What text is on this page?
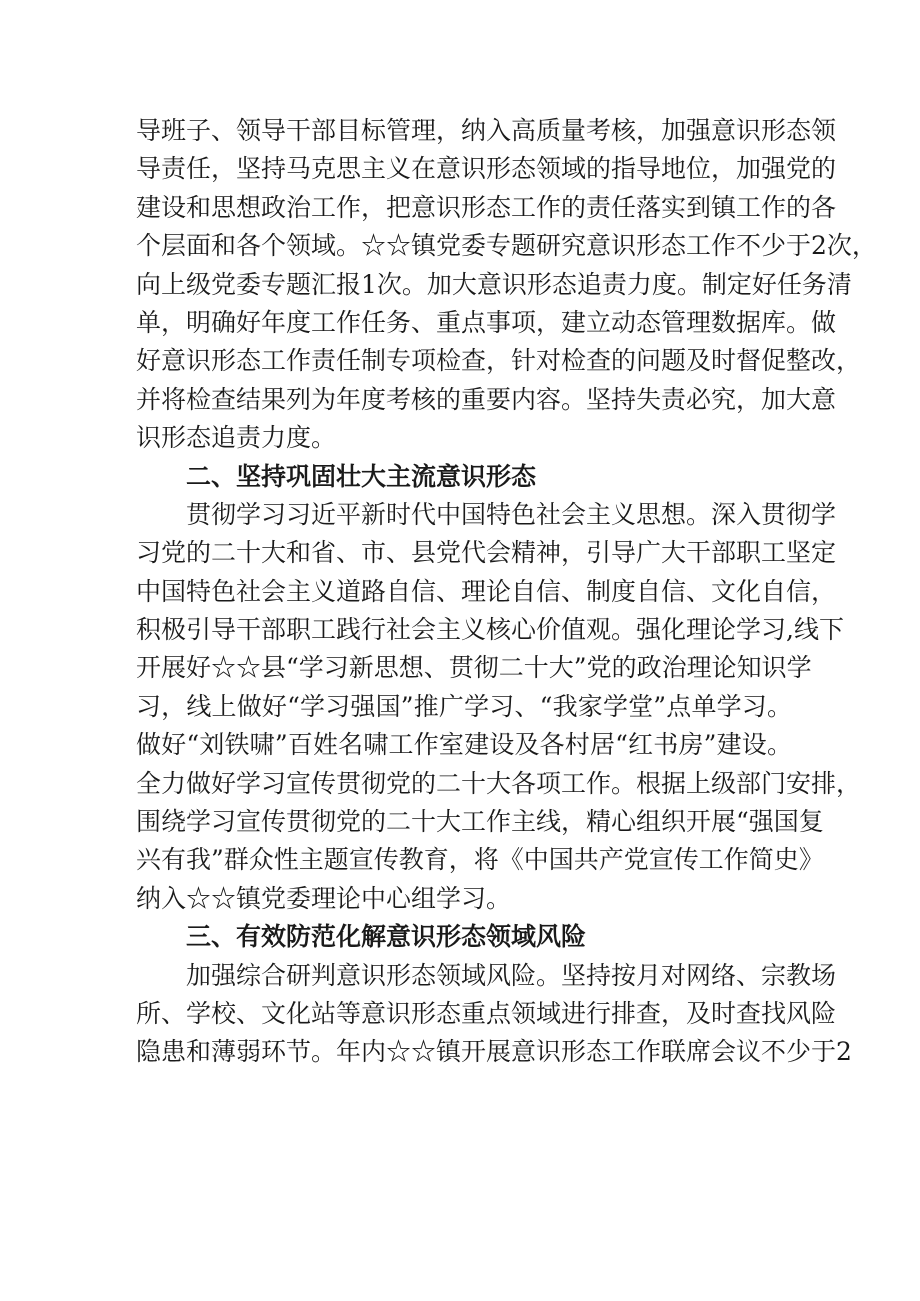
导班子、领导干部目标管理，纳入高质量考核，加强意识形态领
导责任，坚持马克思主义在意识形态领域的指导地位，加强党的
建设和思想政治工作，把意识形态工作的责任落实到镇工作的各
个层面和各个领域。☆☆镇党委专题研究意识形态工作不少于2次，
向上级党委专题汇报1次。加大意识形态追责力度。制定好任务清
单，明确好年度工作任务、重点事项，建立动态管理数据库。做
好意识形态工作责任制专项检查，针对检查的问题及时督促整改，
并将检查结果列为年度考核的重要内容。坚持失责必究，加大意
识形态追责力度。
二、坚持巩固壮大主流意识形态
贯彻学习习近平新时代中国特色社会主义思想。深入贯彻学
习党的二十大和省、市、县党代会精神，引导广大干部职工坚定
中国特色社会主义道路自信、理论自信、制度自信、文化自信，
积极引导干部职工践行社会主义核心价值观。强化理论学习,线下
开展好☆☆县“学习新思想、贯彻二十大”党的政治理论知识学
习，线上做好“学习强国”推广学习、“我家学堂”点单学习。
做好“刘铁啸”百姓名啸工作室建设及各村居“红书房”建设。
全力做好学习宣传贯彻党的二十大各项工作。根据上级部门安排，
围绕学习宣传贯彻党的二十大工作主线，精心组织开展“强国复
兴有我”群众性主题宣传教育，将《中国共产党宣传工作简史》
纳入☆☆镇党委理论中心组学习。
三、有效防范化解意识形态领域风险
加强综合研判意识形态领域风险。坚持按月对网络、宗教场
所、学校、文化站等意识形态重点领域进行排查，及时查找风险
隐患和薄弱环节。年内☆☆镇开展意识形态工作联席会议不少于2
